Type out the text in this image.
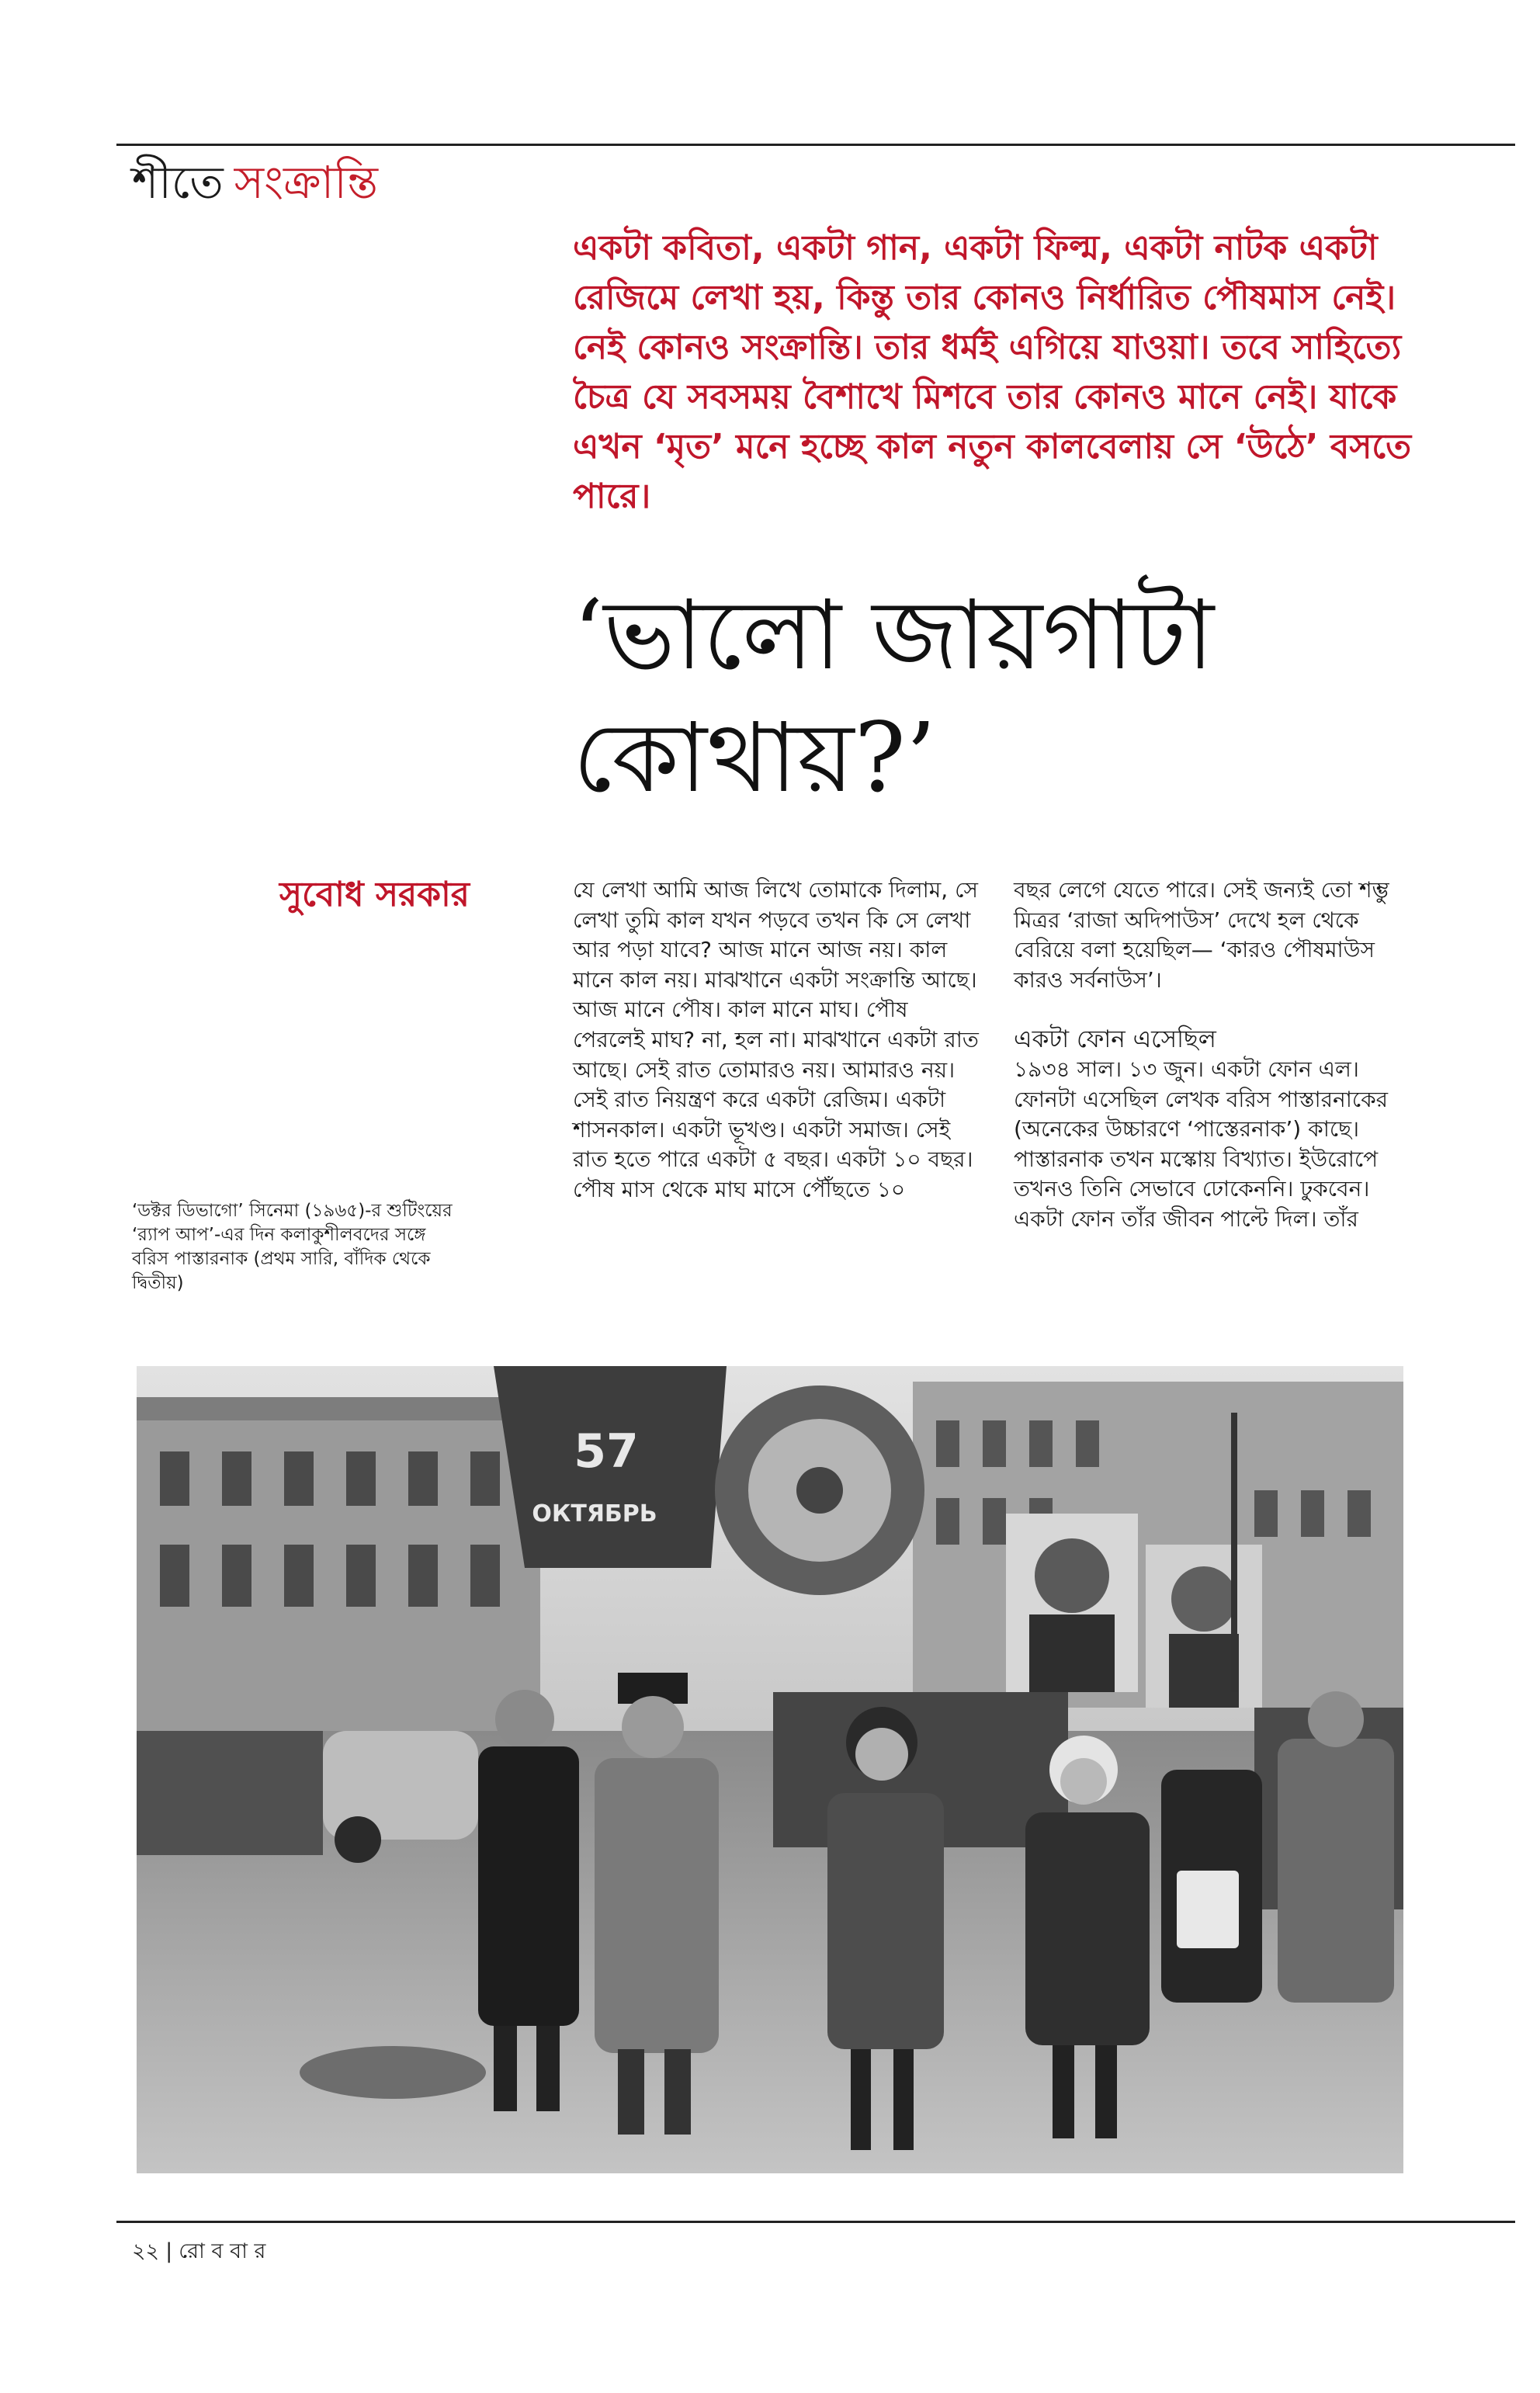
শীতে সংক্রান্তি

একটা কবিতা, একটা গান, একটা ফিল্ম, একটা নাটক একটা রেজিমে লেখা হয়, কিন্তু তার কোনও নির্ধারিত পৌষমাস নেই। নেই কোনও সংক্রান্তি। তার ধর্মই এগিয়ে যাওয়া। তবে সাহিত্যে চৈত্র যে সবসময় বৈশাখে মিশবে তার কোনও মানে নেই। যাকে এখন ‘মৃত’ মনে হচ্ছে কাল নতুন কালবেলায় সে ‘উঠে’ বসতে পারে।

‘ভালো জায়গাটা কোথায়?’
সুবোধ সরকার	যে লেখা আমি আজ লিখে তোমাকে দিলাম, সে লেখা তুমি কাল যখন পড়বে তখন কি সে লেখা আর পড়া যাবে? আজ মানে আজ নয়। কাল মানে কাল নয়। মাঝখানে একটা সংক্রান্তি আছে। আজ মানে পৌষ। কাল মানে মাঘ। পৌষ পেরলেই মাঘ? না, হল না। মাঝখানে একটা রাত আছে। সেই রাত তোমারও নয়। আমারও নয়। সেই রাত নিয়ন্ত্রণ করে একটা রেজিম। একটা শাসনকাল। একটা ভূখণ্ড। একটা সমাজ। সেই রাত হতে পারে একটা ৫ বছর। একটা ১০ বছর। পৌষ মাস থেকে মাঘ মাসে পৌঁছতে ১০

বছর লেগে যেতে পারে। সেই জন্যই তো শম্ভু মিত্রর ‘রাজা অদিপাউস’ দেখে হল থেকে বেরিয়ে বলা হয়েছিল— ‘কারও পৌষমাউস কারও সর্বনাউস’।

একটা ফোন এসেছিল

১৯৩৪ সাল। ১৩ জুন। একটা ফোন এল। ফোনটা এসেছিল লেখক বরিস পাস্তারনাকের (অনেকের উচ্চারণে ‘পাস্তেরনাক’) কাছে। পাস্তারনাক তখন মস্কোয় বিখ্যাত। ইউরোপে তখনও তিনি সেভাবে ঢোকেননি। ঢুকবেন। একটা ফোন তাঁর জীবন পাল্টে দিল। তাঁর

‘ডক্টর ডিভাগো’ সিনেমা (১৯৬৫)-র শুটিংয়ের ‘র‍্যাপ আপ’-এর দিন কলাকুশীলবদের সঙ্গে বরিস পাস্তারনাক (প্রথম সারি, বাঁদিক থেকে দ্বিতীয়)

57
ОКТЯБРЬ
২২ | রো ব বা র
